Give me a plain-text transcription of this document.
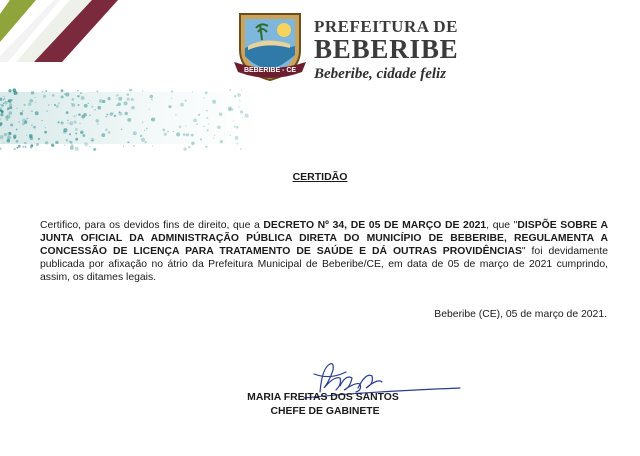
BEBERIBE - CE
PREFEITURA DE
BEBERIBE
Beberibe, cidade feliz
CERTIDÃO
Certifico, para os devidos fins de direito, que a DECRETO Nº 34, DE 05 DE MARÇO DE 2021, que "DISPÕE SOBRE A JUNTA OFICIAL DA ADMINISTRAÇÃO PÚBLICA DIRETA DO MUNICÍPIO DE BEBERIBE, REGULAMENTA A CONCESSÃO DE LICENÇA PARA TRATAMENTO DE SAÚDE E DÁ OUTRAS PROVIDÊNCIAS" foi devidamente publicada por afixação no átrio da Prefeitura Municipal de Beberibe/CE, em data de 05 de março de 2021 cumprindo, assim, os ditames legais.
Beberibe (CE), 05 de março de 2021.
MARIA FREITAS DOS SANTOS
CHEFE DE GABINETE
